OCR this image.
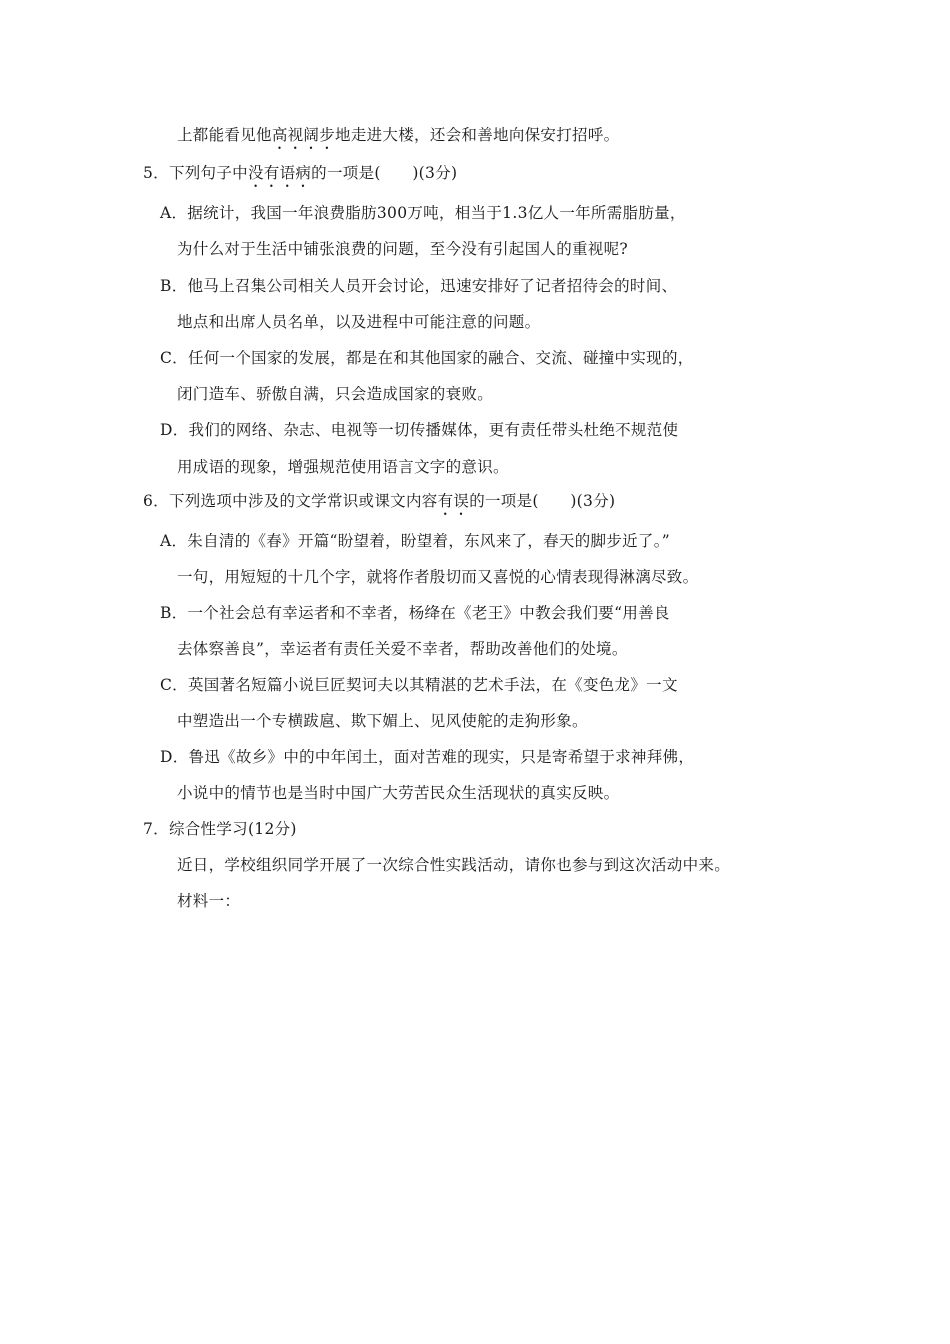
上都能看见他高视阔步地走进大楼，还会和善地向保安打招呼。
5．下列句子中没有语病的一项是(　　)(3分)
A．据统计，我国一年浪费脂肪300万吨，相当于1.3亿人一年所需脂肪量，
为什么对于生活中铺张浪费的问题，至今没有引起国人的重视呢?
B．他马上召集公司相关人员开会讨论，迅速安排好了记者招待会的时间、
地点和出席人员名单，以及进程中可能注意的问题。
C．任何一个国家的发展，都是在和其他国家的融合、交流、碰撞中实现的，
闭门造车、骄傲自满，只会造成国家的衰败。
D．我们的网络、杂志、电视等一切传播媒体，更有责任带头杜绝不规范使
用成语的现象，增强规范使用语言文字的意识。
6．下列选项中涉及的文学常识或课文内容有误的一项是(　　)(3分)
A．朱自清的《春》开篇“盼望着，盼望着，东风来了，春天的脚步近了。”
一句，用短短的十几个字，就将作者殷切而又喜悦的心情表现得淋漓尽致。
B．一个社会总有幸运者和不幸者，杨绛在《老王》中教会我们要“用善良
去体察善良”，幸运者有责任关爱不幸者，帮助改善他们的处境。
C．英国著名短篇小说巨匠契诃夫以其精湛的艺术手法，在《变色龙》一文
中塑造出一个专横跋扈、欺下媚上、见风使舵的走狗形象。
D．鲁迅《故乡》中的中年闰土，面对苦难的现实，只是寄希望于求神拜佛，
小说中的情节也是当时中国广大劳苦民众生活现状的真实反映。
7．综合性学习(12分)
近日，学校组织同学开展了一次综合性实践活动，请你也参与到这次活动中来。
材料一：
